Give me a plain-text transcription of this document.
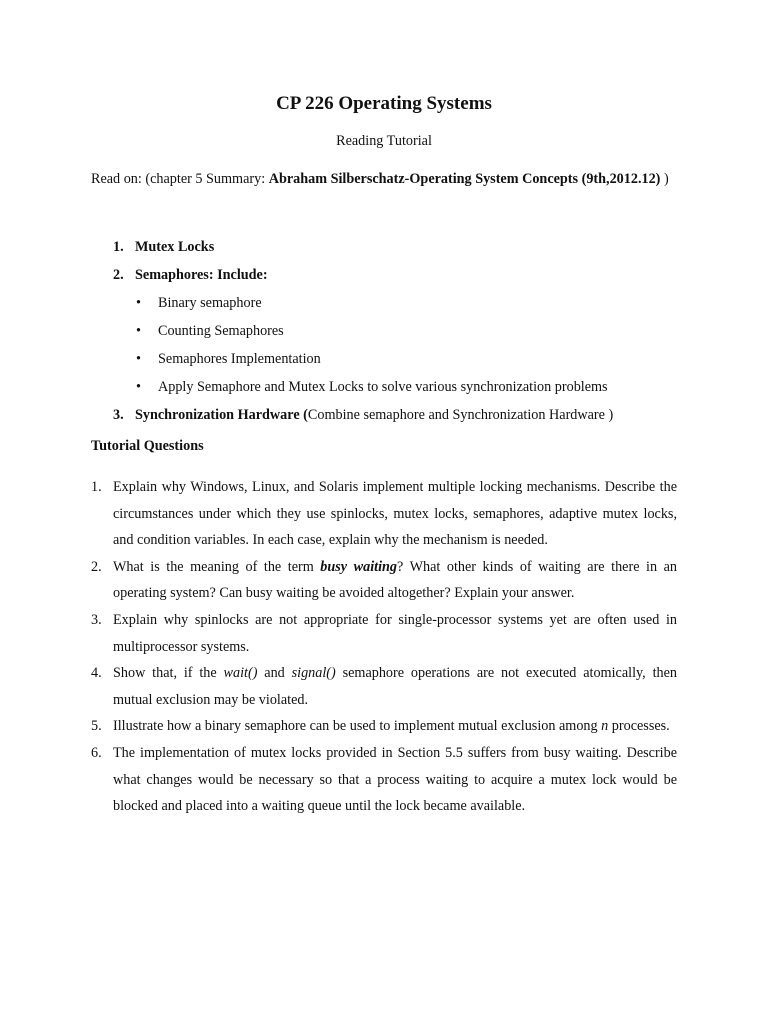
CP 226 Operating Systems

Reading Tutorial

Read on: (chapter 5 Summary: Abraham Silberschatz-Operating System Concepts (9th,2012.12) )

1. Mutex Locks
2. Semaphores: Include:
• Binary semaphore
• Counting Semaphores
• Semaphores Implementation
• Apply Semaphore and Mutex Locks to solve various synchronization problems
3. Synchronization Hardware (Combine semaphore and Synchronization Hardware )

Tutorial Questions

1. Explain why Windows, Linux, and Solaris implement multiple locking mechanisms. Describe the circumstances under which they use spinlocks, mutex locks, semaphores, adaptive mutex locks, and condition variables. In each case, explain why the mechanism is needed.

2. What is the meaning of the term busy waiting? What other kinds of waiting are there in an operating system? Can busy waiting be avoided altogether? Explain your answer.

3. Explain why spinlocks are not appropriate for single-processor systems yet are often used in multiprocessor systems.

4. Show that, if the wait() and signal() semaphore operations are not executed atomically, then mutual exclusion may be violated.

5. Illustrate how a binary semaphore can be used to implement mutual exclusion among n processes.

6. The implementation of mutex locks provided in Section 5.5 suffers from busy waiting. Describe what changes would be necessary so that a process waiting to acquire a mutex lock would be blocked and placed into a waiting queue until the lock became available.
